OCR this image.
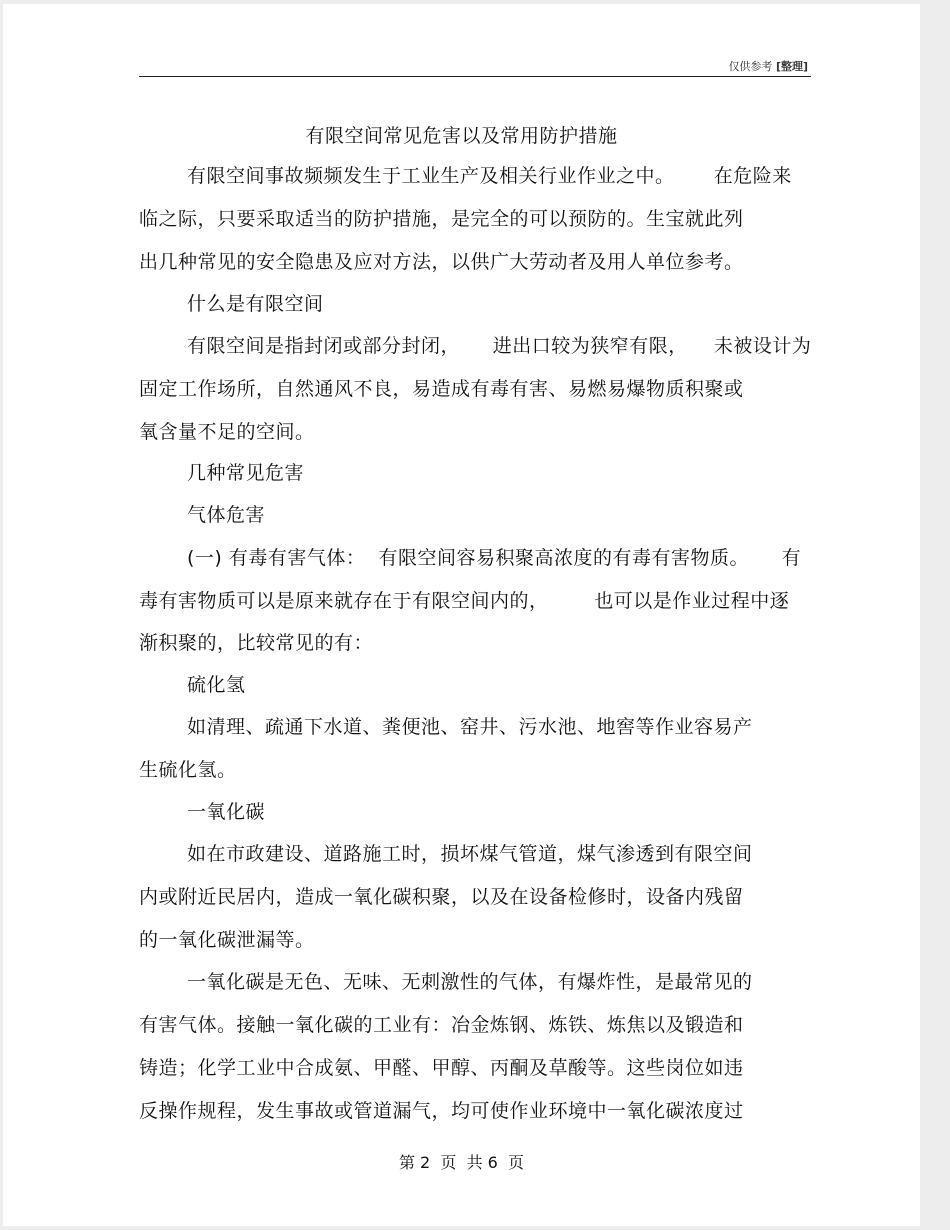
仅供参考 [整理]
有限空间常见危害以及常用防护措施
有限空间事故频频发生于工业生产及相关行业作业之中。      在危险来
临之际，只要采取适当的防护措施，是完全的可以预防的。生宝就此列
出几种常见的安全隐患及应对方法，以供广大劳动者及用人单位参考。
什么是有限空间
有限空间是指封闭或部分封闭，     进出口较为狭窄有限，    未被设计为
固定工作场所，自然通风不良，易造成有毒有害、易燃易爆物质积聚或
氧含量不足的空间。
几种常见危害
气体危害
(一) 有毒有害气体：  有限空间容易积聚高浓度的有毒有害物质。     有
毒有害物质可以是原来就存在于有限空间内的，       也可以是作业过程中逐
渐积聚的，比较常见的有：
硫化氢
如清理、疏通下水道、粪便池、窑井、污水池、地窖等作业容易产
生硫化氢。
一氧化碳
如在市政建设、道路施工时，损坏煤气管道，煤气渗透到有限空间
内或附近民居内，造成一氧化碳积聚，以及在设备检修时，设备内残留
的一氧化碳泄漏等。
一氧化碳是无色、无味、无刺激性的气体，有爆炸性，是最常见的
有害气体。接触一氧化碳的工业有：冶金炼钢、炼铁、炼焦以及锻造和
铸造；化学工业中合成氨、甲醛、甲醇、丙酮及草酸等。这些岗位如违
反操作规程，发生事故或管道漏气，均可使作业环境中一氧化碳浓度过
第 2  页  共 6  页
